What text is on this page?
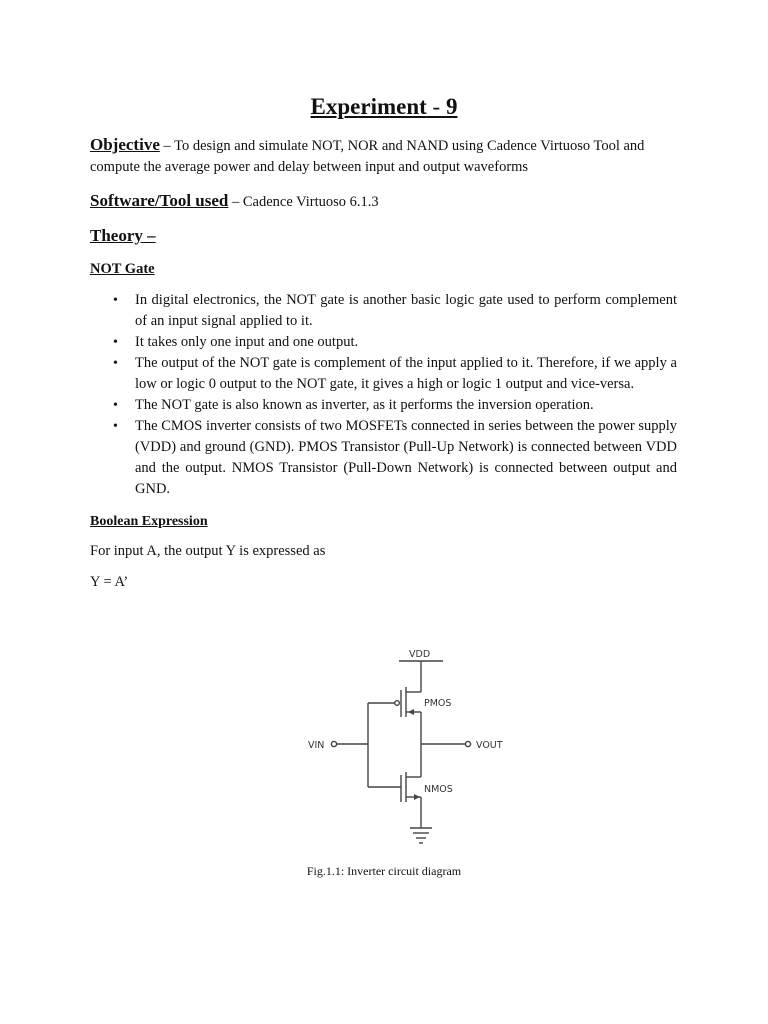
Experiment - 9
Objective – To design and simulate NOT, NOR and NAND using Cadence Virtuoso Tool and compute the average power and delay between input and output waveforms
Software/Tool used – Cadence Virtuoso 6.1.3
Theory –
NOT Gate
• In digital electronics, the NOT gate is another basic logic gate used to perform complement of an input signal applied to it.
• It takes only one input and one output.
• The output of the NOT gate is complement of the input applied to it. Therefore, if we apply a low or logic 0 output to the NOT gate, it gives a high or logic 1 output and vice-versa.
• The NOT gate is also known as inverter, as it performs the inversion operation.
• The CMOS inverter consists of two MOSFETs connected in series between the power supply (VDD) and ground (GND). PMOS Transistor (Pull-Up Network) is connected between VDD and the output. NMOS Transistor (Pull-Down Network) is connected between output and GND.
Boolean Expression
For input A, the output Y is expressed as
Y = A’
VDD
PMOS
VIN	VOUT
NMOS
Fig.1.1: Inverter circuit diagram
